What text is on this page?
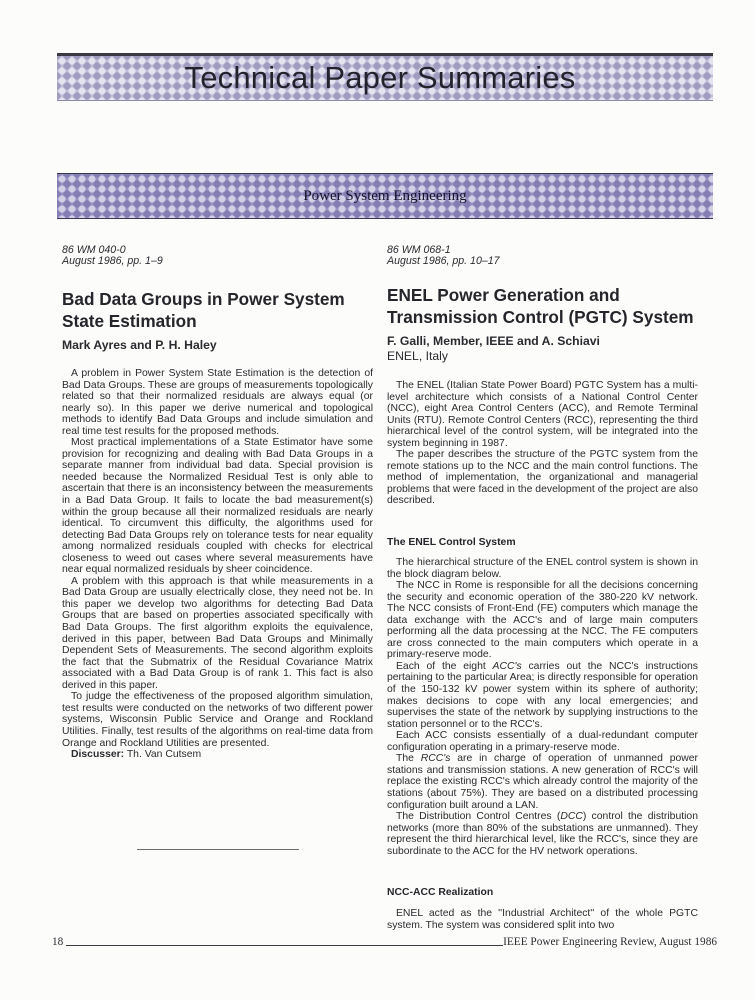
Technical Paper Summaries
Power System Engineering
86 WM 040-0
August 1986, pp. 1–9
Bad Data Groups in Power System State Estimation
Mark Ayres and P. H. Haley

A problem in Power System State Estimation is the detection of Bad Data Groups. These are groups of measurements topologically related so that their normalized residuals are always equal (or nearly so). In this paper we derive numerical and topological methods to identify Bad Data Groups and include simulation and real time test results for the proposed methods.

Most practical implementations of a State Estimator have some provision for recognizing and dealing with Bad Data Groups in a separate manner from individual bad data. Special provision is needed because the Normalized Residual Test is only able to ascertain that there is an inconsistency between the measurements in a Bad Data Group. It fails to locate the bad measurement(s) within the group because all their normalized residuals are nearly identical. To circumvent this difficulty, the algorithms used for detecting Bad Data Groups rely on tolerance tests for near equality among normalized residuals coupled with checks for electrical closeness to weed out cases where several measurements have near equal normalized residuals by sheer coincidence.

A problem with this approach is that while measurements in a Bad Data Group are usually electrically close, they need not be. In this paper we develop two algorithms for detecting Bad Data Groups that are based on properties associated specifically with Bad Data Groups. The first algorithm exploits the equivalence, derived in this paper, between Bad Data Groups and Minimally Dependent Sets of Measurements. The second algorithm exploits the fact that the Submatrix of the Residual Covariance Matrix associated with a Bad Data Group is of rank 1. This fact is also derived in this paper.

To judge the effectiveness of the proposed algorithm simulation, test results were conducted on the networks of two different power systems, Wisconsin Public Service and Orange and Rockland Utilities. Finally, test results of the algorithms on real-time data from Orange and Rockland Utilities are presented.

Discusser: Th. Van Cutsem

86 WM 068-1
August 1986, pp. 10–17
ENEL Power Generation and Transmission Control (PGTC) System
F. Galli, Member, IEEE and A. Schiavi
ENEL, Italy

The ENEL (Italian State Power Board) PGTC System has a multi-level architecture which consists of a National Control Center (NCC), eight Area Control Centers (ACC), and Remote Terminal Units (RTU). Remote Control Centers (RCC), representing the third hierarchical level of the control system, will be integrated into the system beginning in 1987.

The paper describes the structure of the PGTC system from the remote stations up to the NCC and the main control functions. The method of implementation, the organizational and managerial problems that were faced in the development of the project are also described.

The ENEL Control System

The hierarchical structure of the ENEL control system is shown in the block diagram below.

The NCC in Rome is responsible for all the decisions concerning the security and economic operation of the 380-220 kV network. The NCC consists of Front-End (FE) computers which manage the data exchange with the ACC's and of large main computers performing all the data processing at the NCC. The FE computers are cross connected to the main computers which operate in a primary-reserve mode.

Each of the eight ACC's carries out the NCC's instructions pertaining to the particular Area; is directly responsible for operation of the 150-132 kV power system within its sphere of authority; makes decisions to cope with any local emergencies; and supervises the state of the network by supplying instructions to the station personnel or to the RCC's.

Each ACC consists essentially of a dual-redundant computer configuration operating in a primary-reserve mode.

The RCC's are in charge of operation of unmanned power stations and transmission stations. A new generation of RCC's will replace the existing RCC's which already control the majority of the stations (about 75%). They are based on a distributed processing configuration built around a LAN.

The Distribution Control Centres (DCC) control the distribution networks (more than 80% of the substations are unmanned). They represent the third hierarchical level, like the RCC's, since they are subordinate to the ACC for the HV network operations.

NCC-ACC Realization

ENEL acted as the ''Industrial Architect'' of the whole PGTC system. The system was considered split into two

18	IEEE Power Engineering Review, August 1986
